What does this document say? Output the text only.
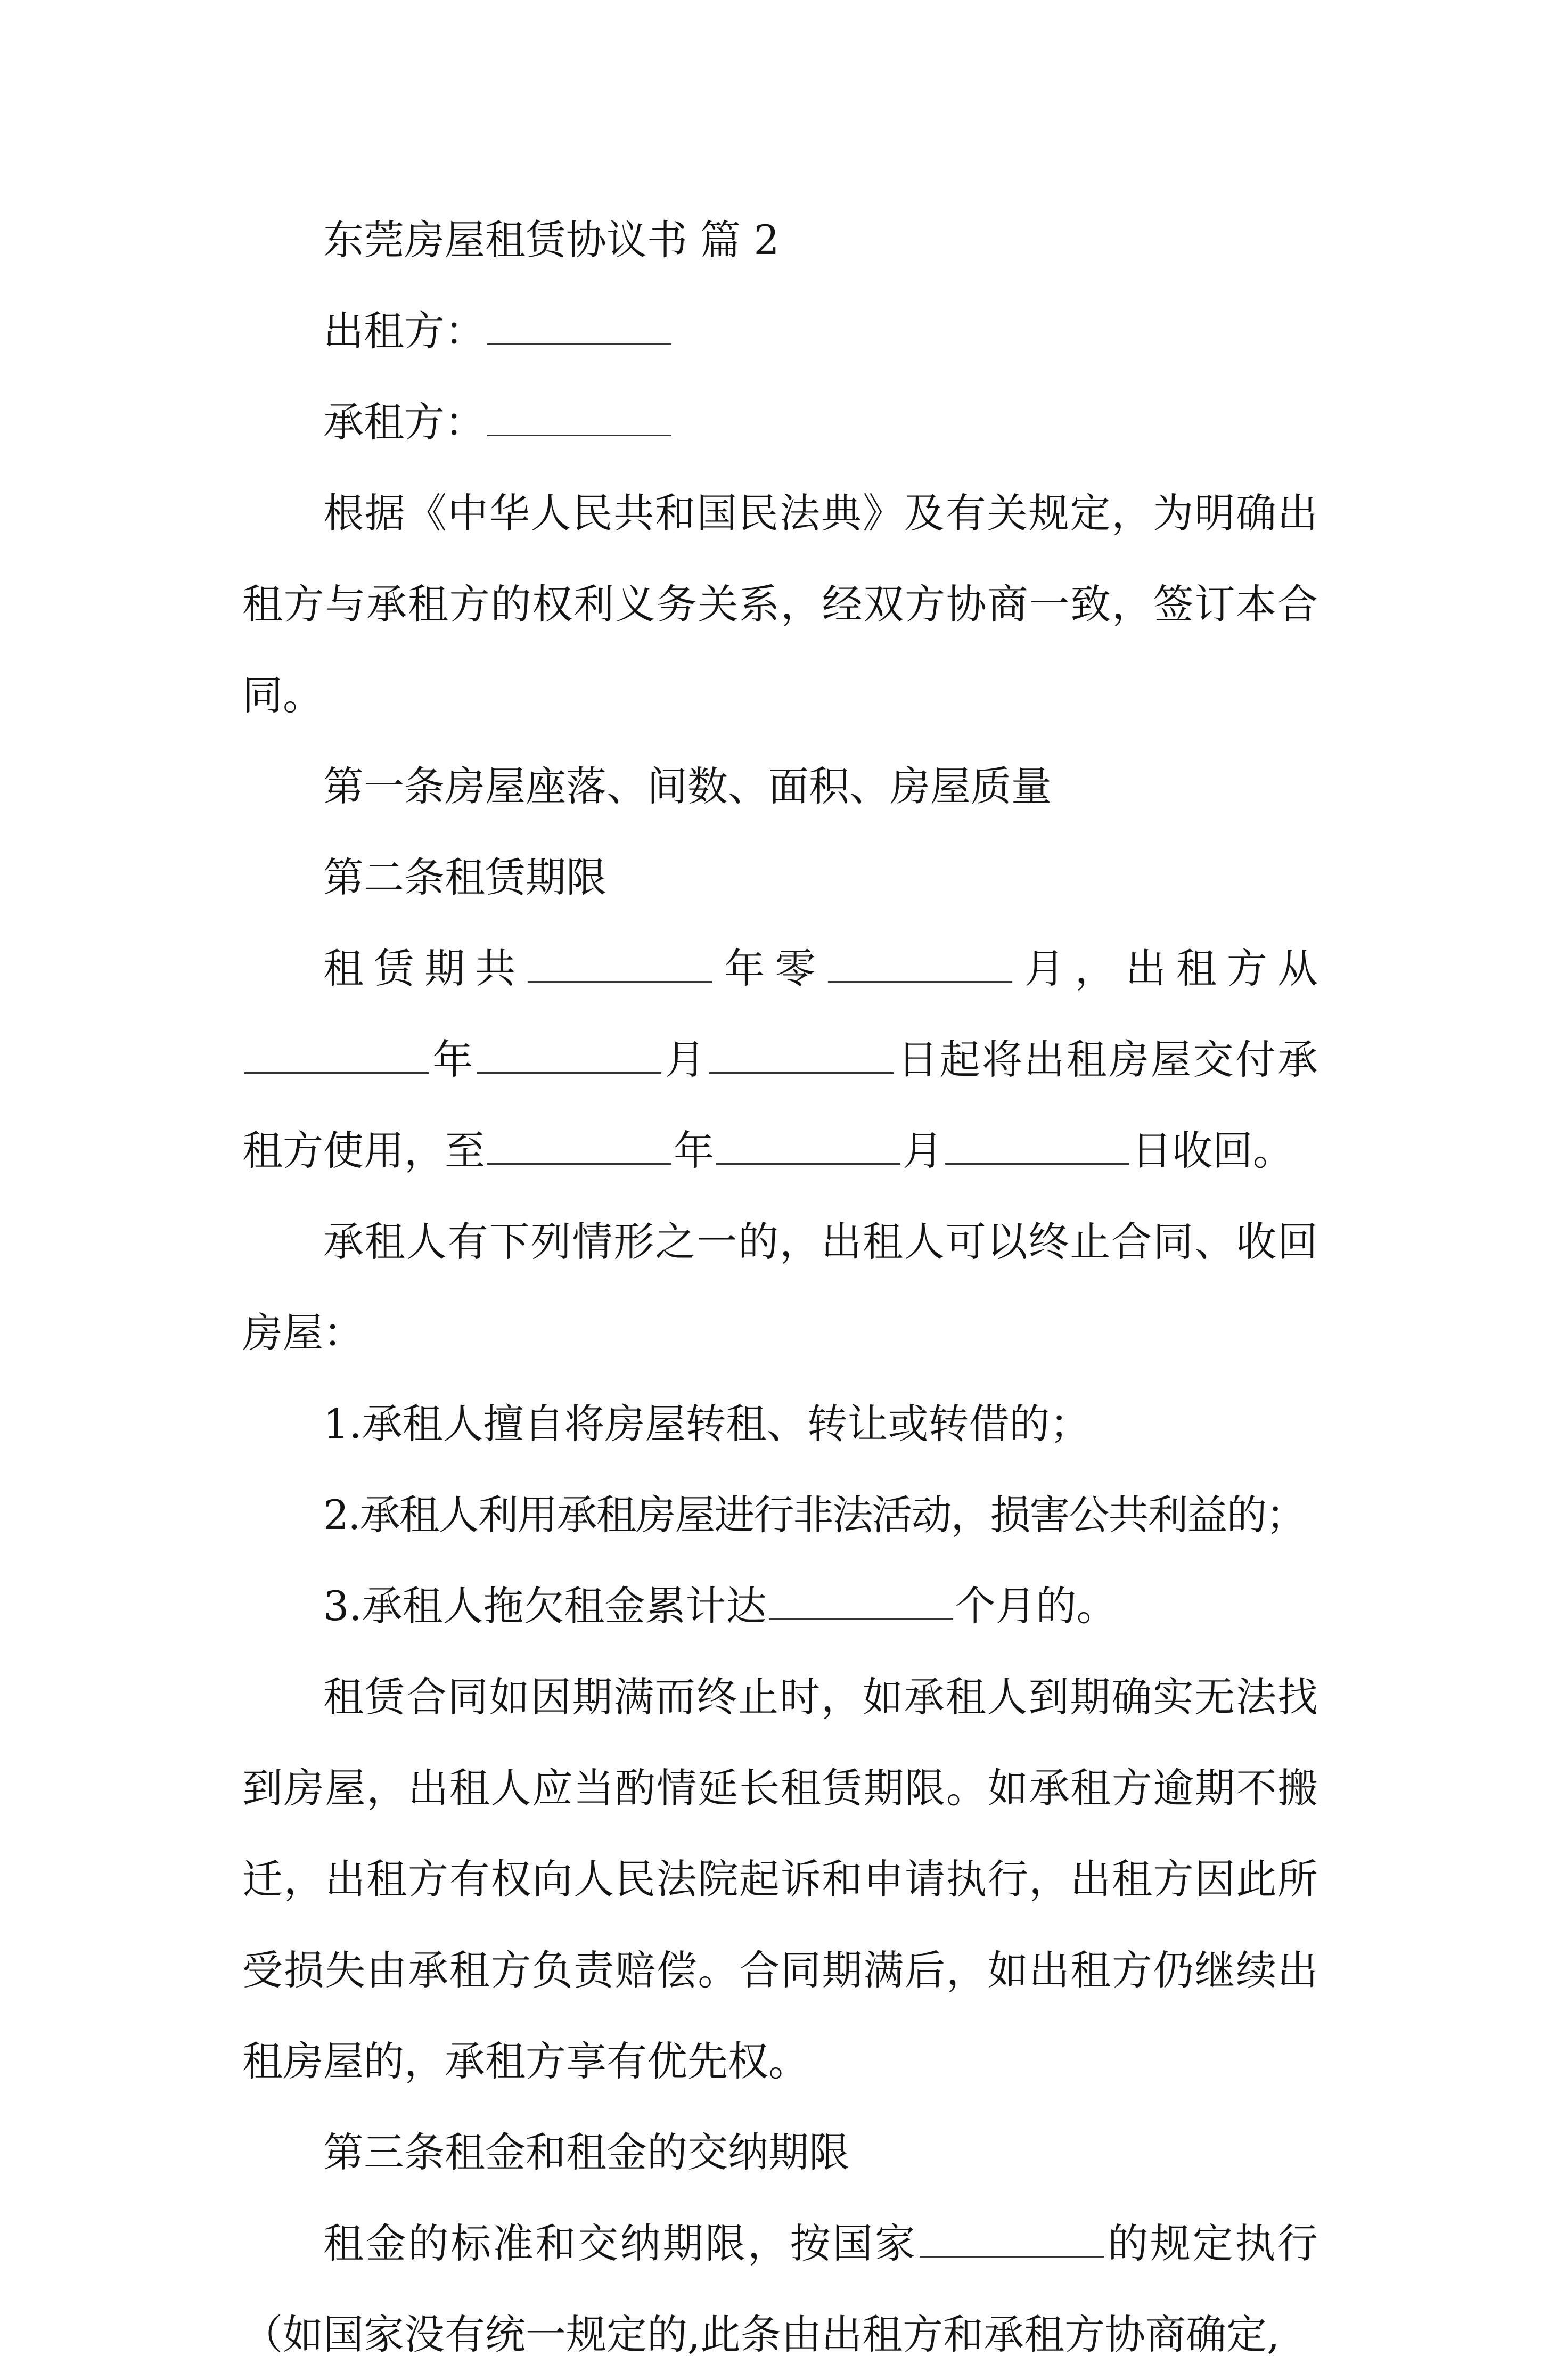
东莞房屋租赁协议书 篇 2

出租方：

承租方：

根据《中华人民共和国民法典》及有关规定，为明确出租方与承租方的权利义务关系，经双方协商一致，签订本合同。

第一条房屋座落、间数、面积、房屋质量

第二条租赁期限

租赁期共	年零	月，出租方从年	月	日起将出租房屋交付承租方使用，至	年	月	日收回。

承租人有下列情形之一的，出租人可以终止合同、收回房屋：

1.承租人擅自将房屋转租、转让或转借的；

2.承租人利用承租房屋进行非法活动，损害公共利益的；

3.承租人拖欠租金累计达	个月的。

租赁合同如因期满而终止时，如承租人到期确实无法找到房屋，出租人应当酌情延长租赁期限。如承租方逾期不搬迁，出租方有权向人民法院起诉和申请执行，出租方因此所受损失由承租方负责赔偿。合同期满后，如出租方仍继续出租房屋的，承租方享有优先权。

第三条租金和租金的交纳期限

租金的标准和交纳期限，按国家	的规定执行（如国家没有统一规定的,此条由出租方和承租方协商确定,
